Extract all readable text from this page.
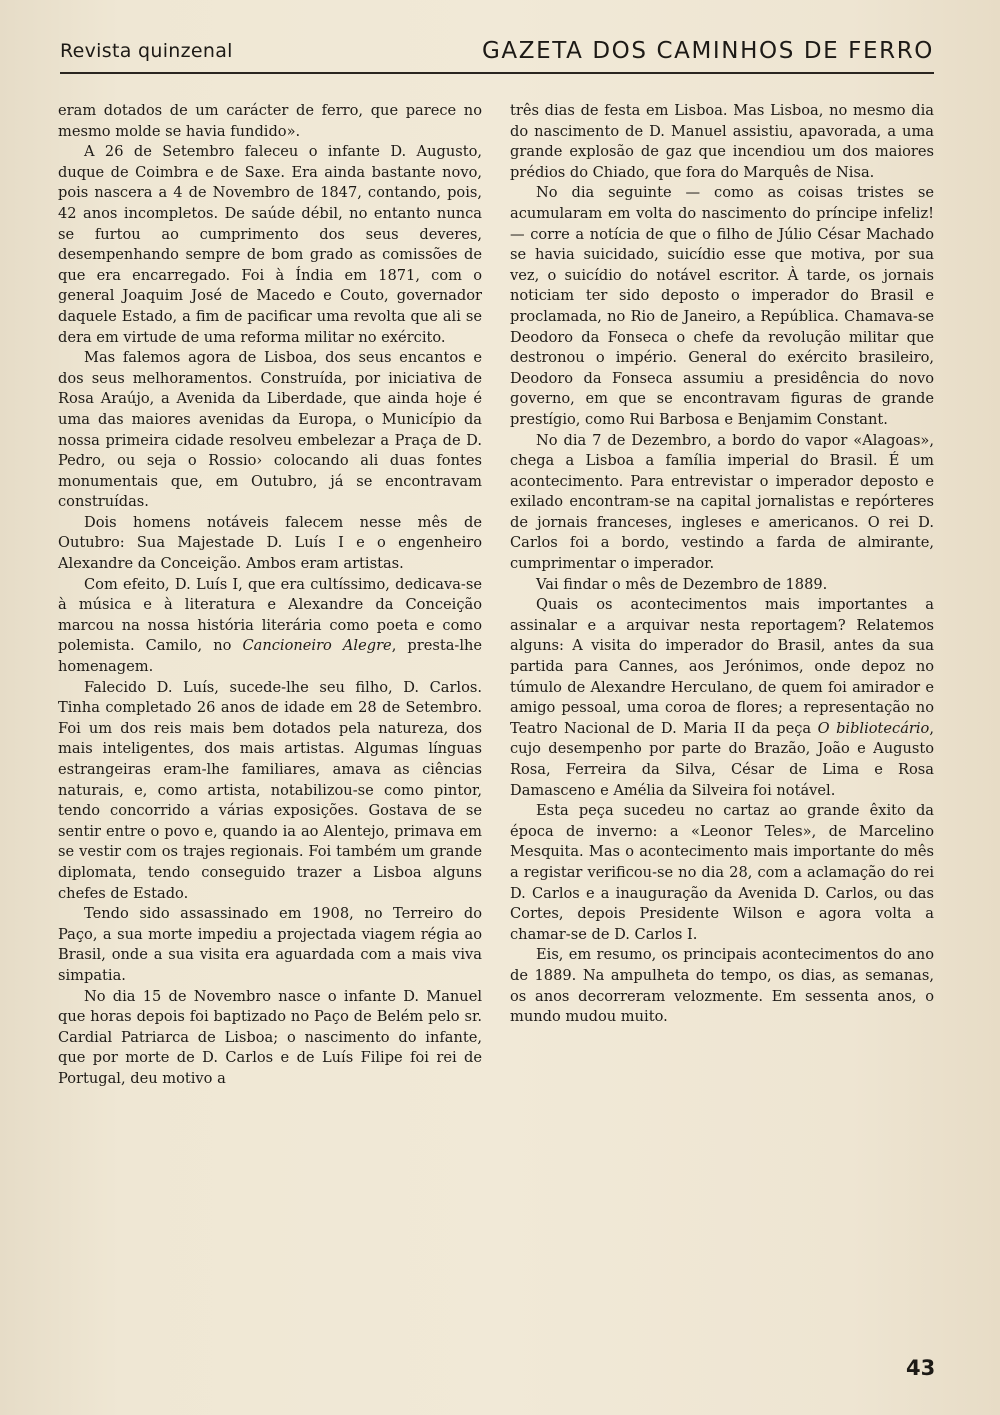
Revista quinzenal	GAZETA DOS CAMINHOS DE FERRO

eram dotados de um carácter de ferro, que parece no mesmo molde se havia fundido».

A 26 de Setembro faleceu o infante D. Augusto, duque de Coimbra e de Saxe. Era ainda bastante novo, pois nascera a 4 de Novembro de 1847, contando, pois, 42 anos incompletos. De saúde débil, no entanto nunca se furtou ao cumprimento dos seus deveres, desempenhando sempre de bom grado as comissões de que era encarregado. Foi à Índia em 1871, com o general Joaquim José de Macedo e Couto, governador daquele Estado, a fim de pacificar uma revolta que ali se dera em virtude de uma reforma militar no exército.

Mas falemos agora de Lisboa, dos seus encantos e dos seus melhoramentos. Construída, por iniciativa de Rosa Araújo, a Avenida da Liberdade, que ainda hoje é uma das maiores avenidas da Europa, o Município da nossa primeira cidade resolveu embelezar a Praça de D. Pedro, ou seja o Rossio› colocando ali duas fontes monumentais que, em Outubro, já se encontravam construídas.

Dois homens notáveis falecem nesse mês de Outubro: Sua Majestade D. Luís I e o engenheiro Alexandre da Conceição. Ambos eram artistas.

Com efeito, D. Luís I, que era cultíssimo, dedicava-se à música e à literatura e Alexandre da Conceição marcou na nossa história literária como poeta e como polemista. Camilo, no Cancioneiro Alegre, presta-lhe homenagem.

Falecido D. Luís, sucede-lhe seu filho, D. Carlos. Tinha completado 26 anos de idade em 28 de Setembro. Foi um dos reis mais bem dotados pela natureza, dos mais inteligentes, dos mais artistas. Algumas línguas estrangeiras eram-lhe familiares, amava as ciências naturais, e, como artista, notabilizou-se como pintor, tendo concorrido a várias exposições. Gostava de se sentir entre o povo e, quando ia ao Alentejo, primava em se vestir com os trajes regionais. Foi também um grande diplomata, tendo conseguido trazer a Lisboa alguns chefes de Estado.

Tendo sido assassinado em 1908, no Terreiro do Paço, a sua morte impediu a projectada viagem régia ao Brasil, onde a sua visita era aguardada com a mais viva simpatia.

No dia 15 de Novembro nasce o infante D. Manuel que horas depois foi baptizado no Paço de Belém pelo sr. Cardial Patriarca de Lisboa; o nascimento do infante, que por morte de D. Carlos e de Luís Filipe foi rei de Portugal, deu motivo a

três dias de festa em Lisboa. Mas Lisboa, no mesmo dia do nascimento de D. Manuel assistiu, apavorada, a uma grande explosão de gaz que incendiou um dos maiores prédios do Chiado, que fora do Marquês de Nisa.

No dia seguinte — como as coisas tristes se acumularam em volta do nascimento do príncipe infeliz! — corre a notícia de que o filho de Júlio César Machado se havia suicidado, suicídio esse que motiva, por sua vez, o suicídio do notável escritor. À tarde, os jornais noticiam ter sido deposto o imperador do Brasil e proclamada, no Rio de Janeiro, a República. Chamava-se Deodoro da Fonseca o chefe da revolução militar que destronou o império. General do exército brasileiro, Deodoro da Fonseca assumiu a presidência do novo governo, em que se encontravam figuras de grande prestígio, como Rui Barbosa e Benjamim Constant.

No dia 7 de Dezembro, a bordo do vapor «Alagoas», chega a Lisboa a família imperial do Brasil. É um acontecimento. Para entrevistar o imperador deposto e exilado encontram-se na capital jornalistas e repórteres de jornais franceses, ingleses e americanos. O rei D. Carlos foi a bordo, vestindo a farda de almirante, cumprimentar o imperador.

Vai findar o mês de Dezembro de 1889.

Quais os acontecimentos mais importantes a assinalar e a arquivar nesta reportagem? Relatemos alguns: A visita do imperador do Brasil, antes da sua partida para Cannes, aos Jerónimos, onde depoz no túmulo de Alexandre Herculano, de quem foi amirador e amigo pessoal, uma coroa de flores; a representação no Teatro Nacional de D. Maria II da peça O bibliotecário, cujo desempenho por parte do Brazão, João e Augusto Rosa, Ferreira da Silva, César de Lima e Rosa Damasceno e Amélia da Silveira foi notável.

Esta peça sucedeu no cartaz ao grande êxito da época de inverno: a «Leonor Teles», de Marcelino Mesquita. Mas o acontecimento mais importante do mês a registar verificou-se no dia 28, com a aclamação do rei D. Carlos e a inauguração da Avenida D. Carlos, ou das Cortes, depois Presidente Wilson e agora volta a chamar-se de D. Carlos I.

Eis, em resumo, os principais acontecimentos do ano de 1889. Na ampulheta do tempo, os dias, as semanas, os anos decorreram velozmente. Em sessenta anos, o mundo mudou muito.

43
